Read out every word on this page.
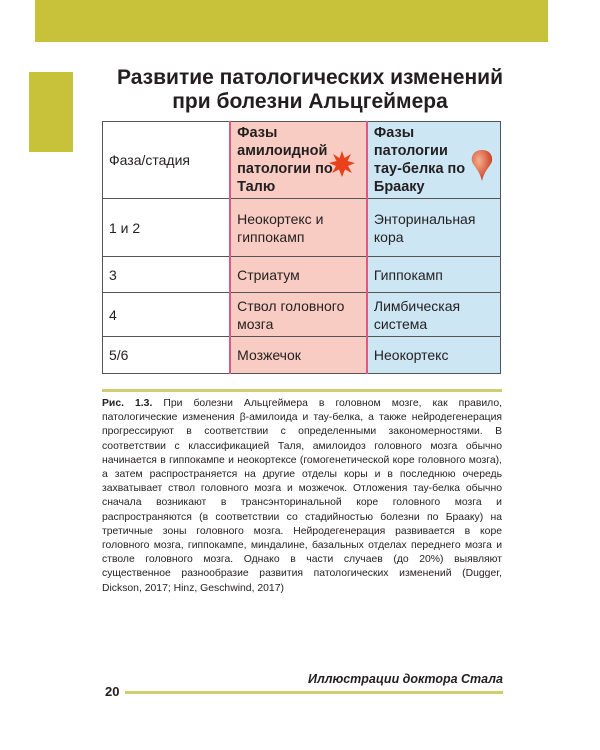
Развитие патологических изменений при болезни Альцгеймера
Фаза/стадия	Фазы амилоидной патологии по Талю	Фазы патологии тау-белка по Брааку

1 и 2	Неокортекс и гиппокамп	Энторинальная кора
3	Стриатум	Гиппокамп
4	Ствол головного мозга	Лимбическая система
5/6	Мозжечок	Неокортекс
Рис. 1.3. При болезни Альцгеймера в головном мозге, как правило, патологические изменения β-амилоида и тау-белка, а также нейродегенерация прогрессируют в соответствии с определенными закономерностями. В соответствии с классификацией Таля, амилоидоз головного мозга обычно начинается в гиппокампе и неокортексе (гомогенетической коре головного мозга), а затем распространяется на другие отделы коры и в последнюю очередь захватывает ствол головного мозга и мозжечок. Отложения тау-белка обычно сначала возникают в трансэнторинальной коре головного мозга и распространяются (в соответствии со стадийностью болезни по Брааку) на третичные зоны головного мозга. Нейродегенерация развивается в коре головного мозга, гиппокампе, миндалине, базальных отделах переднего мозга и стволе головного мозга. Однако в части случаев (до 20%) выявляют существенное разнообразие развития патологических изменений (Dugger, Dickson, 2017; Hinz, Geschwind, 2017)
Иллюстрации доктора Стала
20
